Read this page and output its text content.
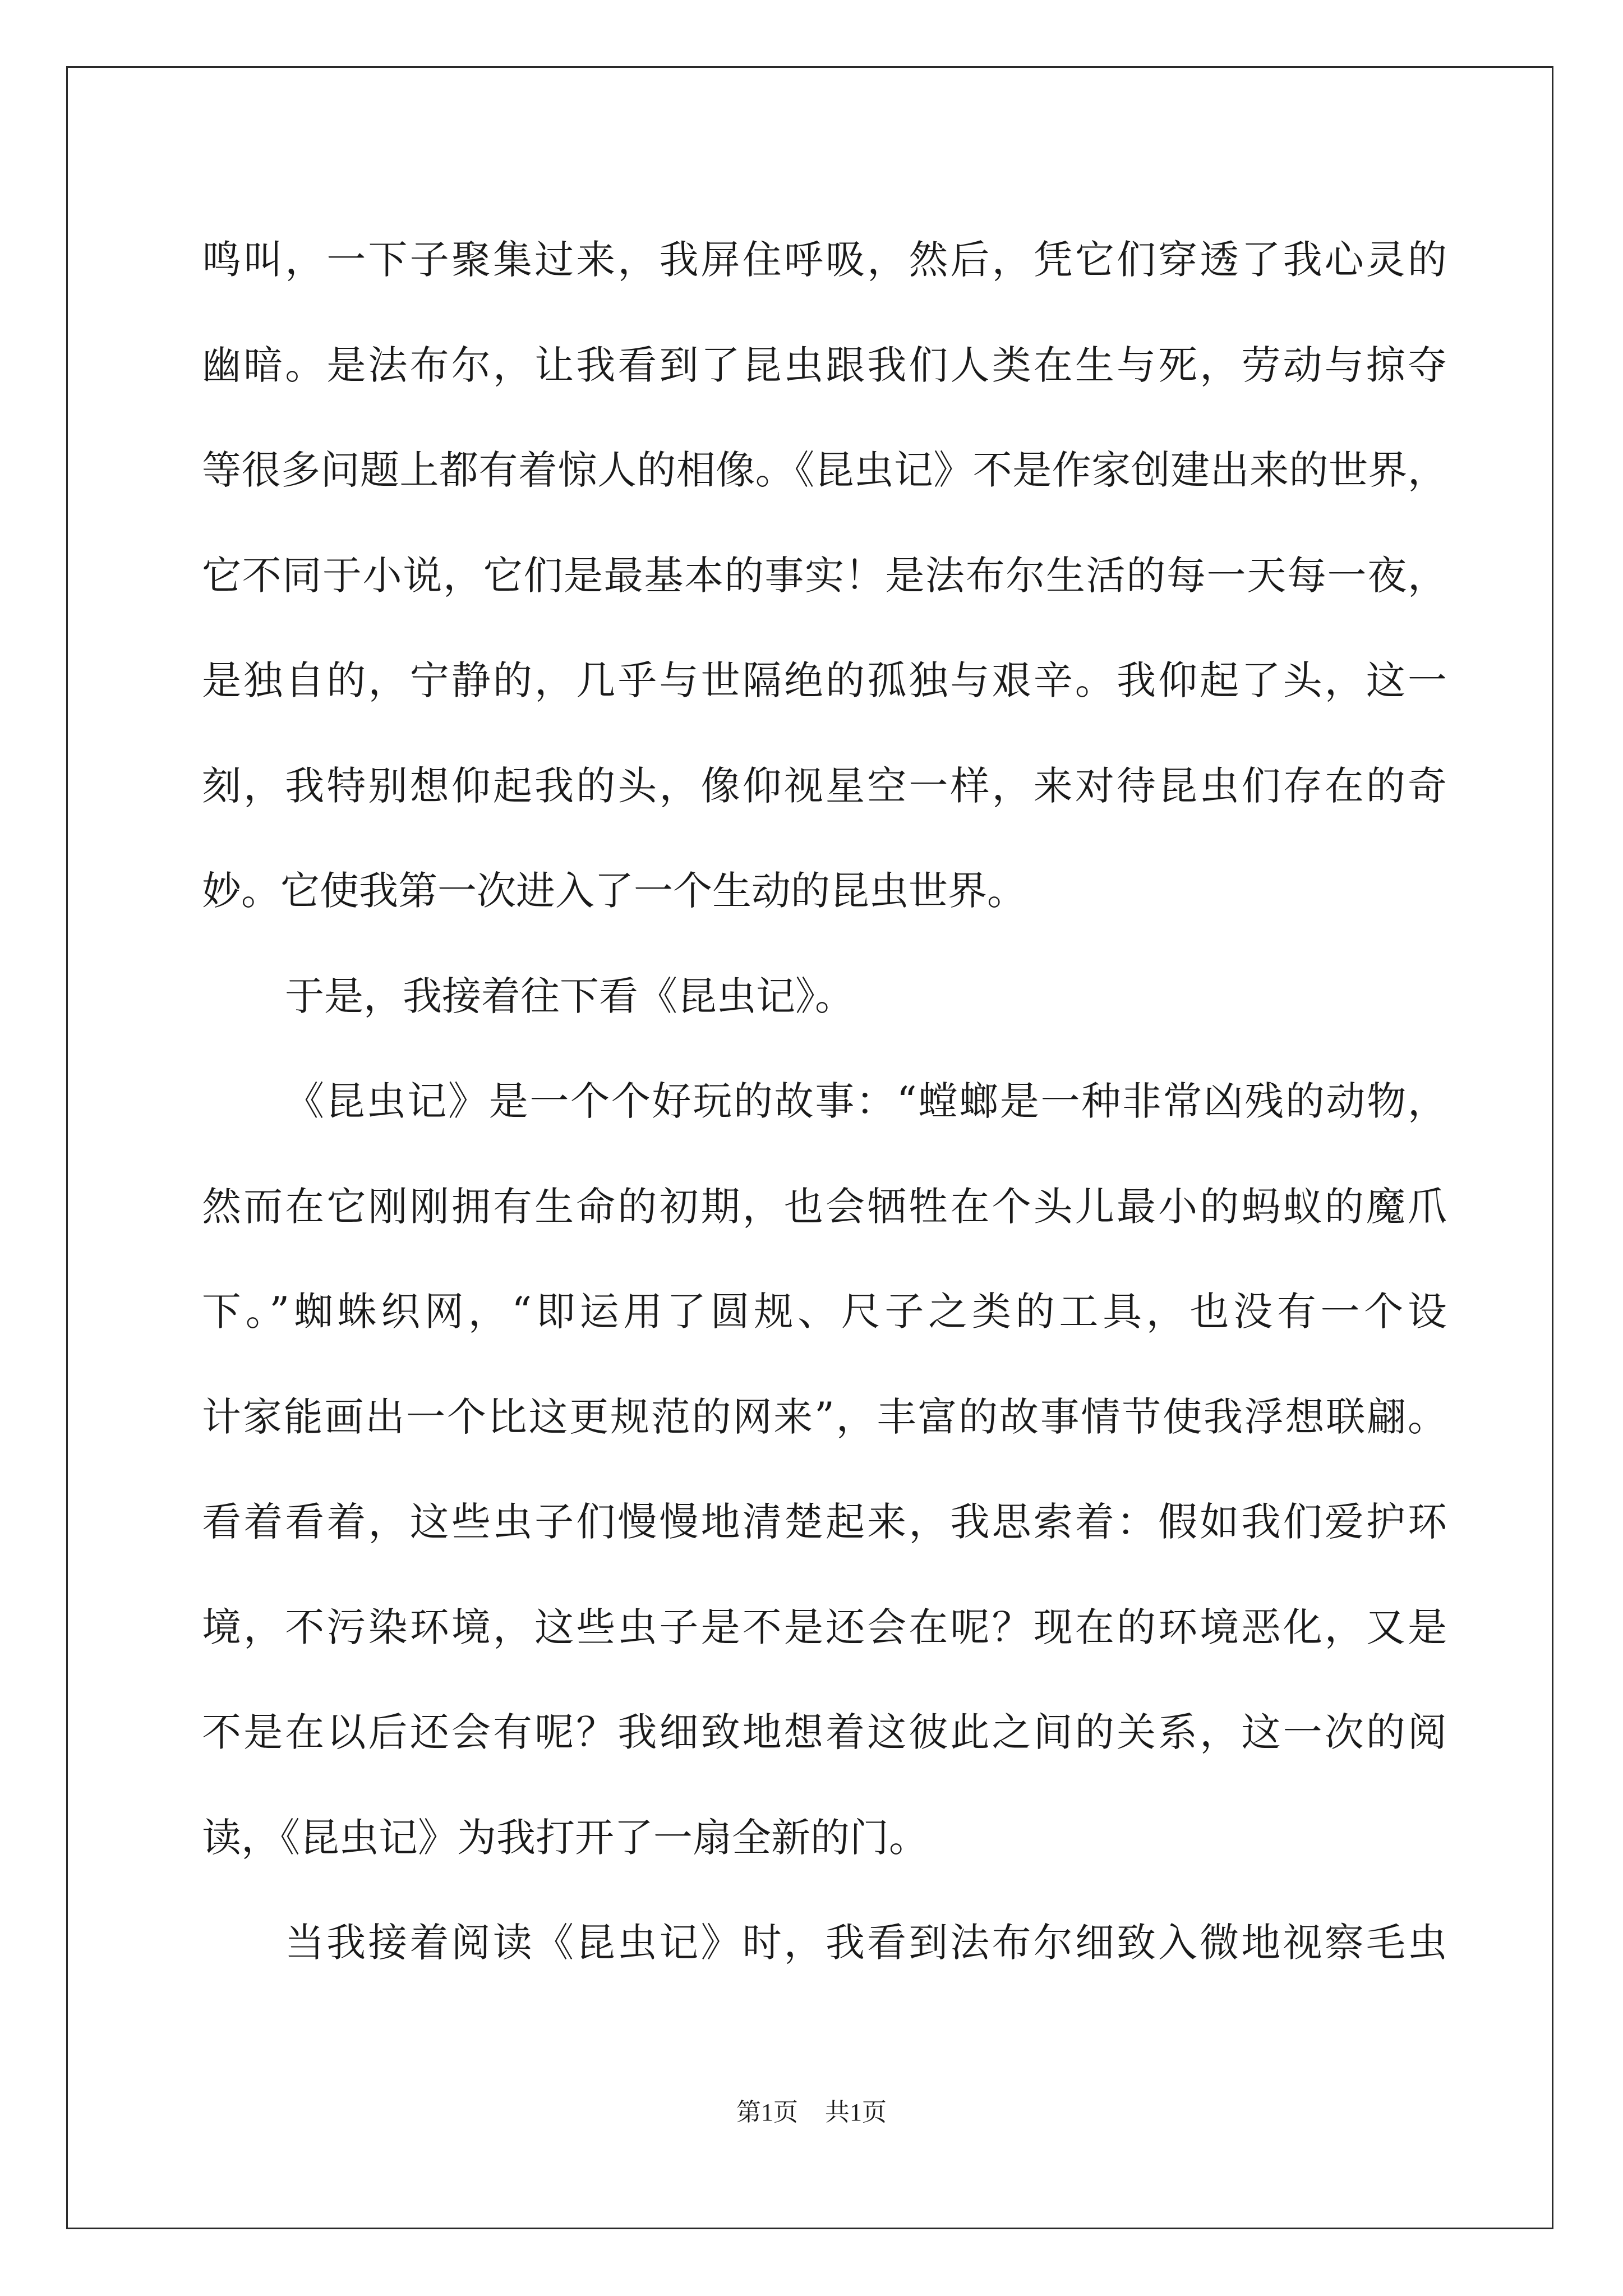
鸣叫，一下子聚集过来，我屏住呼吸，然后，凭它们穿透了我心灵的
幽暗。是法布尔，让我看到了昆虫跟我们人类在生与死，劳动与掠夺
等很多问题上都有着惊人的相像。《昆虫记》不是作家创建出来的世界，
它不同于小说，它们是最基本的事实！是法布尔生活的每一天每一夜，
是独自的，宁静的，几乎与世隔绝的孤独与艰辛。我仰起了头，这一
刻，我特别想仰起我的头，像仰视星空一样，来对待昆虫们存在的奇
妙。它使我第一次进入了一个生动的昆虫世界。
于是，我接着往下看《昆虫记》。
《昆虫记》是一个个好玩的故事：“螳螂是一种非常凶残的动物，
然而在它刚刚拥有生命的初期，也会牺牲在个头儿最小的蚂蚁的魔爪
下。”蜘蛛织网，“即运用了圆规、尺子之类的工具，也没有一个设
计家能画出一个比这更规范的网来”，丰富的故事情节使我浮想联翩。
看着看着，这些虫子们慢慢地清楚起来，我思索着：假如我们爱护环
境，不污染环境，这些虫子是不是还会在呢？现在的环境恶化，又是
不是在以后还会有呢？我细致地想着这彼此之间的关系，这一次的阅
读，《昆虫记》为我打开了一扇全新的门。
当我接着阅读《昆虫记》时，我看到法布尔细致入微地视察毛虫
第1页 共1页
